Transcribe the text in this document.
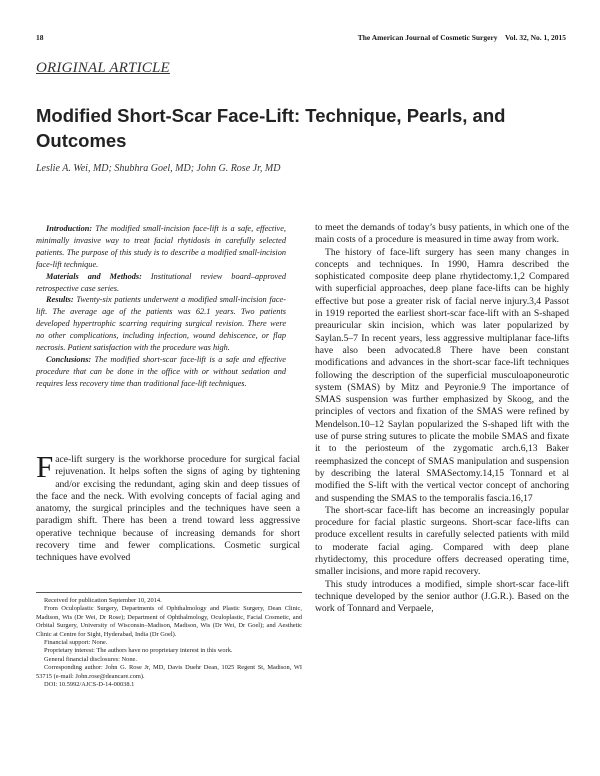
18	The American Journal of Cosmetic Surgery Vol. 32, No. 1, 2015
ORIGINAL ARTICLE
Modified Short-Scar Face-Lift: Technique, Pearls, and Outcomes
Leslie A. Wei, MD; Shubhra Goel, MD; John G. Rose Jr, MD

Introduction: The modified small-incision face-lift is a safe, effective, minimally invasive way to treat facial rhytidosis in carefully selected patients. The purpose of this study is to describe a modified small-incision face-lift technique.

Materials and Methods: Institutional review board–approved retrospective case series.

Results: Twenty-six patients underwent a modified small-incision face-lift. The average age of the patients was 62.1 years. Two patients developed hypertrophic scarring requiring surgical revision. There were no other complications, including infection, wound dehiscence, or flap necrosis. Patient satisfaction with the procedure was high.

Conclusions: The modified short-scar face-lift is a safe and effective procedure that can be done in the office with or without sedation and requires less recovery time than traditional face-lift techniques.

Face-lift surgery is the workhorse procedure for surgical facial rejuvenation. It helps soften the signs of aging by tightening and/or excising the redundant, aging skin and deep tissues of the face and the neck. With evolving concepts of facial aging and anatomy, the surgical principles and the techniques have seen a paradigm shift. There has been a trend toward less aggressive operative technique because of increasing demands for short recovery time and fewer complications. Cosmetic surgical techniques have evolved

Received for publication September 10, 2014.

From Oculoplastic Surgery, Departments of Ophthalmology and Plastic Surgery, Dean Clinic, Madison, Wis (Dr Wei, Dr Rose); Department of Ophthalmology, Oculoplastic, Facial Cosmetic, and Orbital Surgery, University of Wisconsin–Madison, Madison, Wis (Dr Wei, Dr Goel); and Aesthetic Clinic at Centre for Sight, Hyderabad, India (Dr Goel).

Financial support: None.

Proprietary interest: The authors have no proprietary interest in this work.

General financial disclosures: None.

Corresponding author: John G. Rose Jr, MD, Davis Duehr Dean, 1025 Regent St, Madison, WI 53715 (e-mail: John.rose@deancare.com).

DOI: 10.5992/AJCS-D-14-00038.1

to meet the demands of today’s busy patients, in which one of the main costs of a procedure is measured in time away from work.

The history of face-lift surgery has seen many changes in concepts and techniques. In 1990, Hamra described the sophisticated composite deep plane rhytidectomy.1,2 Compared with superficial approaches, deep plane face-lifts can be highly effective but pose a greater risk of facial nerve injury.3,4 Passot in 1919 reported the earliest short-scar face-lift with an S-shaped preauricular skin incision, which was later popularized by Saylan.5–7 In recent years, less aggressive multiplanar face-lifts have also been advocated.8 There have been constant modifications and advances in the short-scar face-lift techniques following the description of the superficial musculoaponeurotic system (SMAS) by Mitz and Peyronie.9 The importance of SMAS suspension was further emphasized by Skoog, and the principles of vectors and fixation of the SMAS were refined by Mendelson.10–12 Saylan popularized the S-shaped lift with the use of purse string sutures to plicate the mobile SMAS and fixate it to the periosteum of the zygomatic arch.6,13 Baker reemphasized the concept of SMAS manipulation and suspension by describing the lateral SMASectomy.14,15 Tonnard et al modified the S-lift with the vertical vector concept of anchoring and suspending the SMAS to the temporalis fascia.16,17

The short-scar face-lift has become an increasingly popular procedure for facial plastic surgeons. Short-scar face-lifts can produce excellent results in carefully selected patients with mild to moderate facial aging. Compared with deep plane rhytidectomy, this procedure offers decreased operating time, smaller incisions, and more rapid recovery.

This study introduces a modified, simple short-scar face-lift technique developed by the senior author (J.G.R.). Based on the work of Tonnard and Verpaele,
